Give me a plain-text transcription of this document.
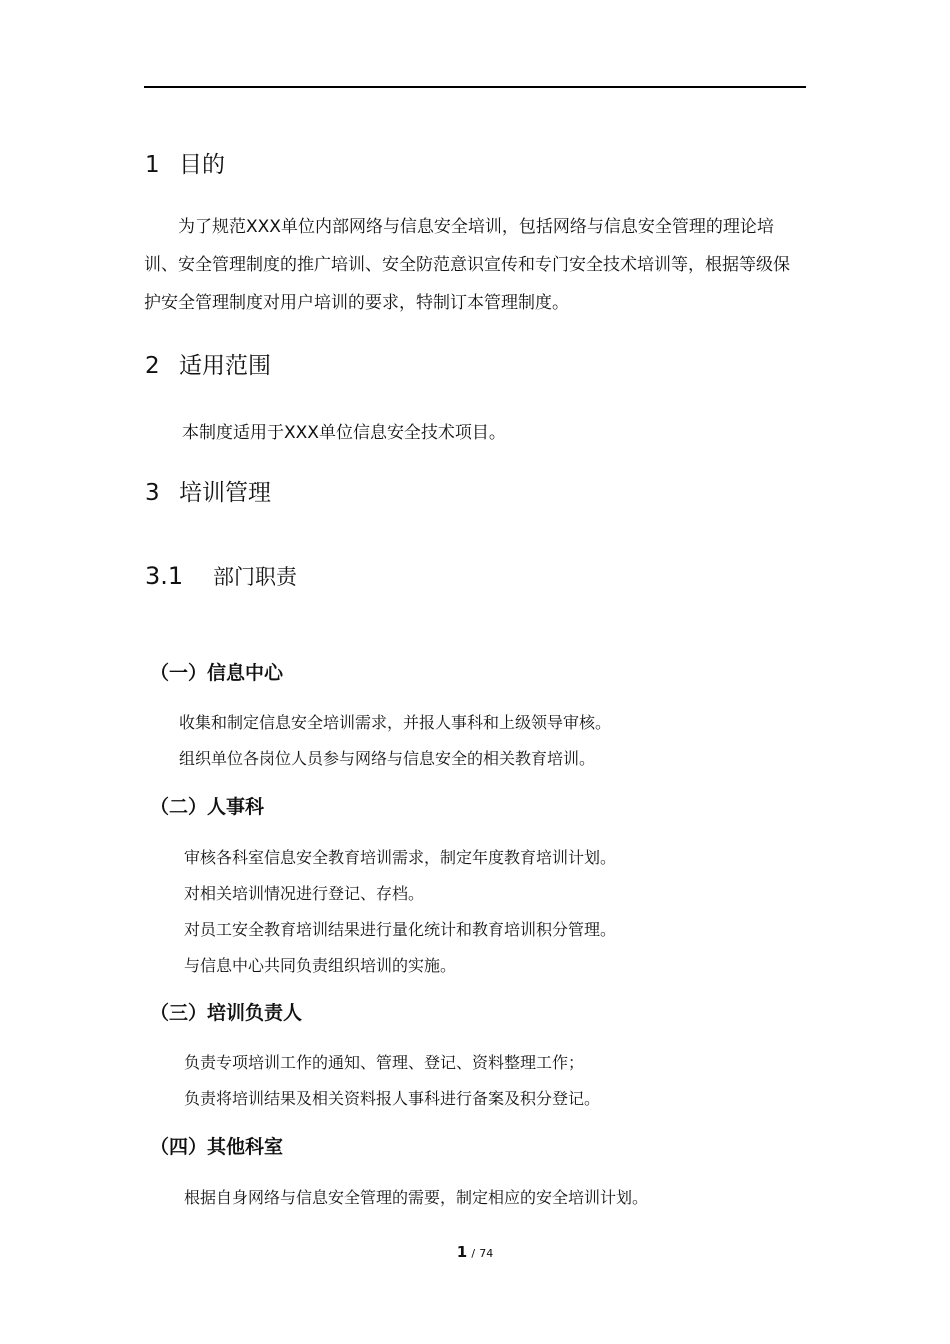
1 目的
为了规范XXX单位内部网络与信息安全培训，包括网络与信息安全管理的理论培训、安全管理制度的推广培训、安全防范意识宣传和专门安全技术培训等，根据等级保护安全管理制度对用户培训的要求，特制订本管理制度。
2 适用范围
本制度适用于XXX单位信息安全技术项目。
3 培训管理
3.1 部门职责
（一）信息中心
收集和制定信息安全培训需求，并报人事科和上级领导审核。
组织单位各岗位人员参与网络与信息安全的相关教育培训。
（二）人事科
审核各科室信息安全教育培训需求，制定年度教育培训计划。
对相关培训情况进行登记、存档。
对员工安全教育培训结果进行量化统计和教育培训积分管理。
与信息中心共同负责组织培训的实施。
（三）培训负责人
负责专项培训工作的通知、管理、登记、资料整理工作；
负责将培训结果及相关资料报人事科进行备案及积分登记。
（四）其他科室
根据自身网络与信息安全管理的需要，制定相应的安全培训计划。
1 / 74
